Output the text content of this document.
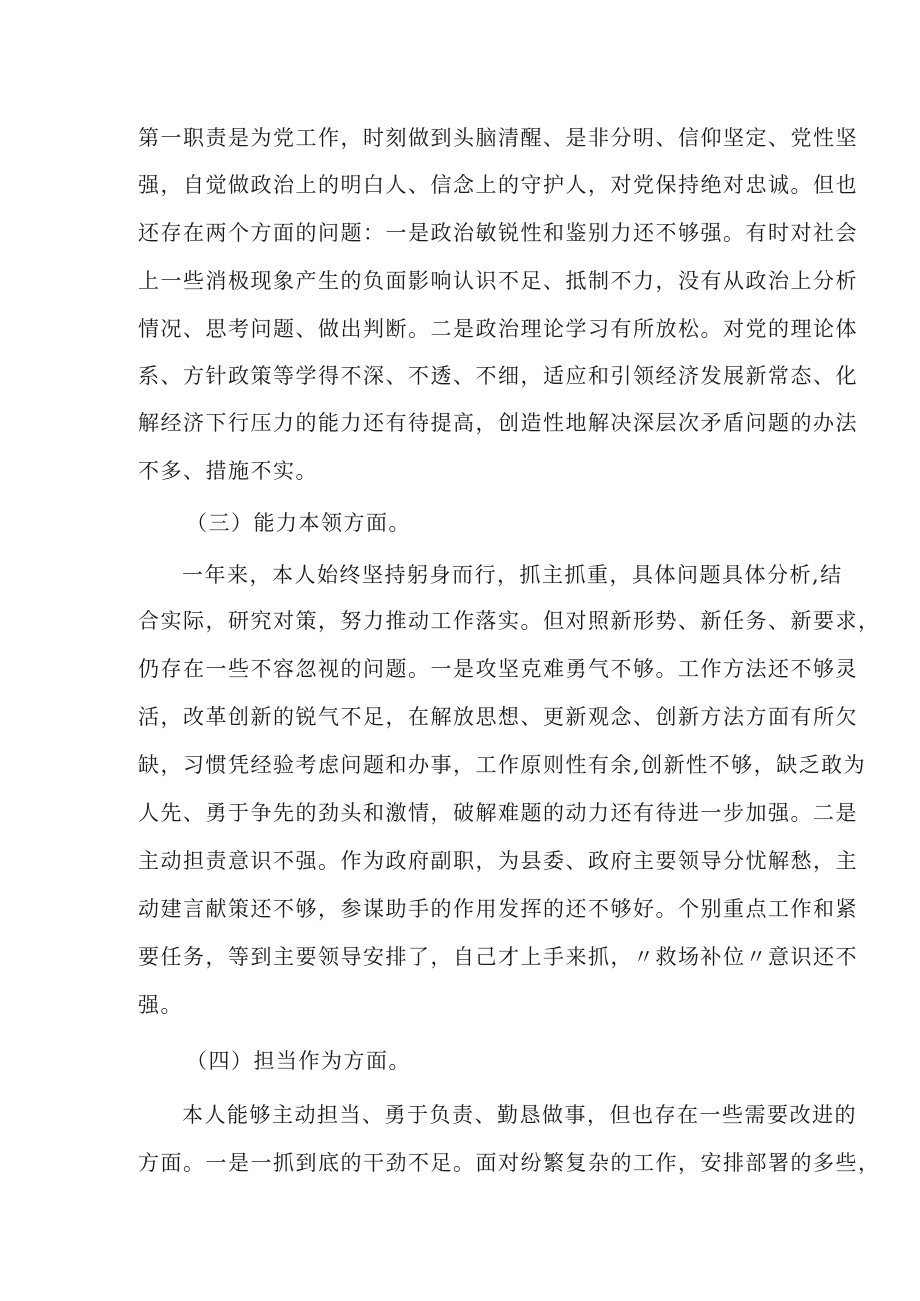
第一职责是为党工作，时刻做到头脑清醒、是非分明、信仰坚定、党性坚
强，自觉做政治上的明白人、信念上的守护人，对党保持绝对忠诚。但也
还存在两个方面的问题：一是政治敏锐性和鉴别力还不够强。有时对社会
上一些消极现象产生的负面影响认识不足、抵制不力，没有从政治上分析
情况、思考问题、做出判断。二是政治理论学习有所放松。对党的理论体
系、方针政策等学得不深、不透、不细，适应和引领经济发展新常态、化
解经济下行压力的能力还有待提高，创造性地解决深层次矛盾问题的办法
不多、措施不实。
（三）能力本领方面。
一年来，本人始终坚持躬身而行，抓主抓重，具体问题具体分析,结
合实际，研究对策，努力推动工作落实。但对照新形势、新任务、新要求，
仍存在一些不容忽视的问题。一是攻坚克难勇气不够。工作方法还不够灵
活，改革创新的锐气不足，在解放思想、更新观念、创新方法方面有所欠
缺，习惯凭经验考虑问题和办事，工作原则性有余,创新性不够，缺乏敢为
人先、勇于争先的劲头和激情，破解难题的动力还有待进一步加强。二是
主动担责意识不强。作为政府副职，为县委、政府主要领导分忧解愁，主
动建言献策还不够，参谋助手的作用发挥的还不够好。个别重点工作和紧
要任务，等到主要领导安排了，自己才上手来抓，〃救场补位〃意识还不
强。
（四）担当作为方面。
本人能够主动担当、勇于负责、勤恳做事，但也存在一些需要改进的
方面。一是一抓到底的干劲不足。面对纷繁复杂的工作，安排部署的多些，
